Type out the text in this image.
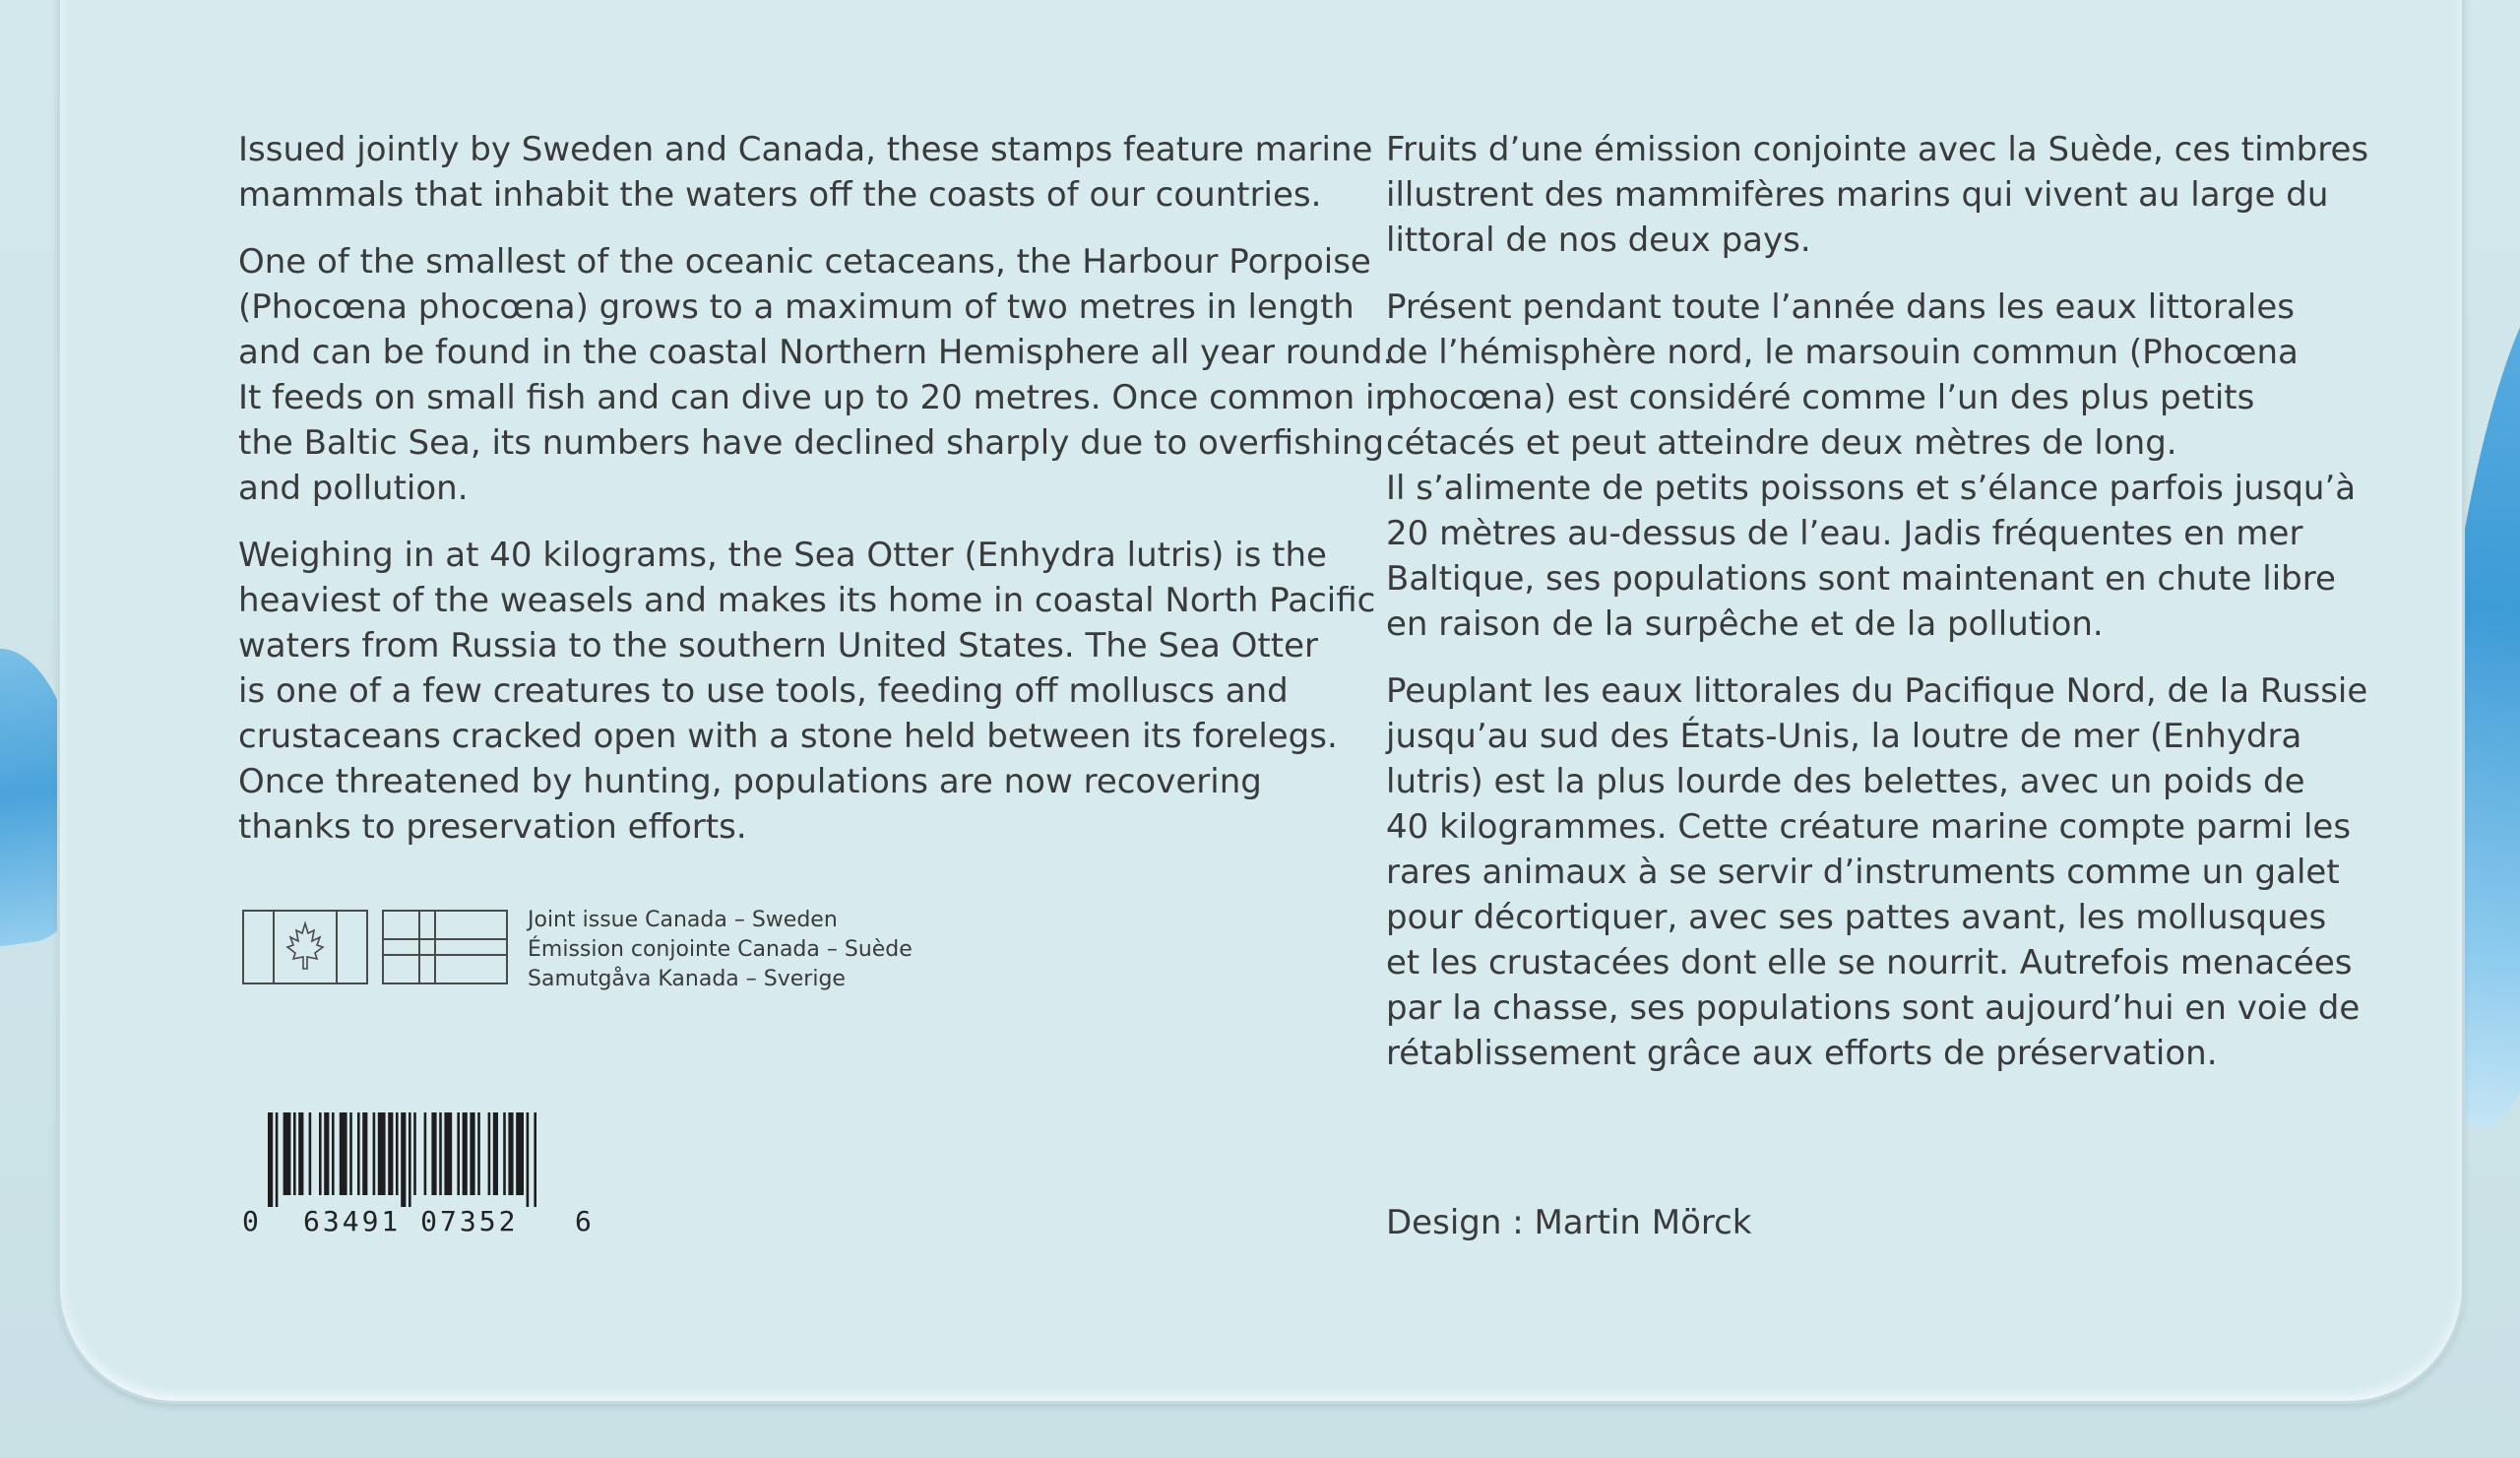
Issued jointly by Sweden and Canada, these stamps feature marine
mammals that inhabit the waters off the coasts of our countries.

One of the smallest of the oceanic cetaceans, the Harbour Porpoise
(Phocœna phocœna) grows to a maximum of two metres in length
and can be found in the coastal Northern Hemisphere all year round.
It feeds on small fish and can dive up to 20 metres. Once common in
the Baltic Sea, its numbers have declined sharply due to overfishing
and pollution.

Weighing in at 40 kilograms, the Sea Otter (Enhydra lutris) is the
heaviest of the weasels and makes its home in coastal North Pacific
waters from Russia to the southern United States. The Sea Otter
is one of a few creatures to use tools, feeding off molluscs and
crustaceans cracked open with a stone held between its forelegs.
Once threatened by hunting, populations are now recovering
thanks to preservation efforts.

Fruits d’une émission conjointe avec la Suède, ces timbres
illustrent des mammifères marins qui vivent au large du
littoral de nos deux pays.

Présent pendant toute l’année dans les eaux littorales
de l’hémisphère nord, le marsouin commun (Phocœna
phocœna) est considéré comme l’un des plus petits
cétacés et peut atteindre deux mètres de long.
Il s’alimente de petits poissons et s’élance parfois jusqu’à
20 mètres au-dessus de l’eau. Jadis fréquentes en mer
Baltique, ses populations sont maintenant en chute libre
en raison de la surpêche et de la pollution.

Peuplant les eaux littorales du Pacifique Nord, de la Russie
jusqu’au sud des États-Unis, la loutre de mer (Enhydra
lutris) est la plus lourde des belettes, avec un poids de
40 kilogrammes. Cette créature marine compte parmi les
rares animaux à se servir d’instruments comme un galet
pour décortiquer, avec ses pattes avant, les mollusques
et les crustacées dont elle se nourrit. Autrefois menacées
par la chasse, ses populations sont aujourd’hui en voie de
rétablissement grâce aux efforts de préservation.

Joint issue Canada – Sweden
Émission conjointe Canada – Suède
Samutgåva Kanada – Sverige
0 63491 07352 6	Design : Martin Mörck
